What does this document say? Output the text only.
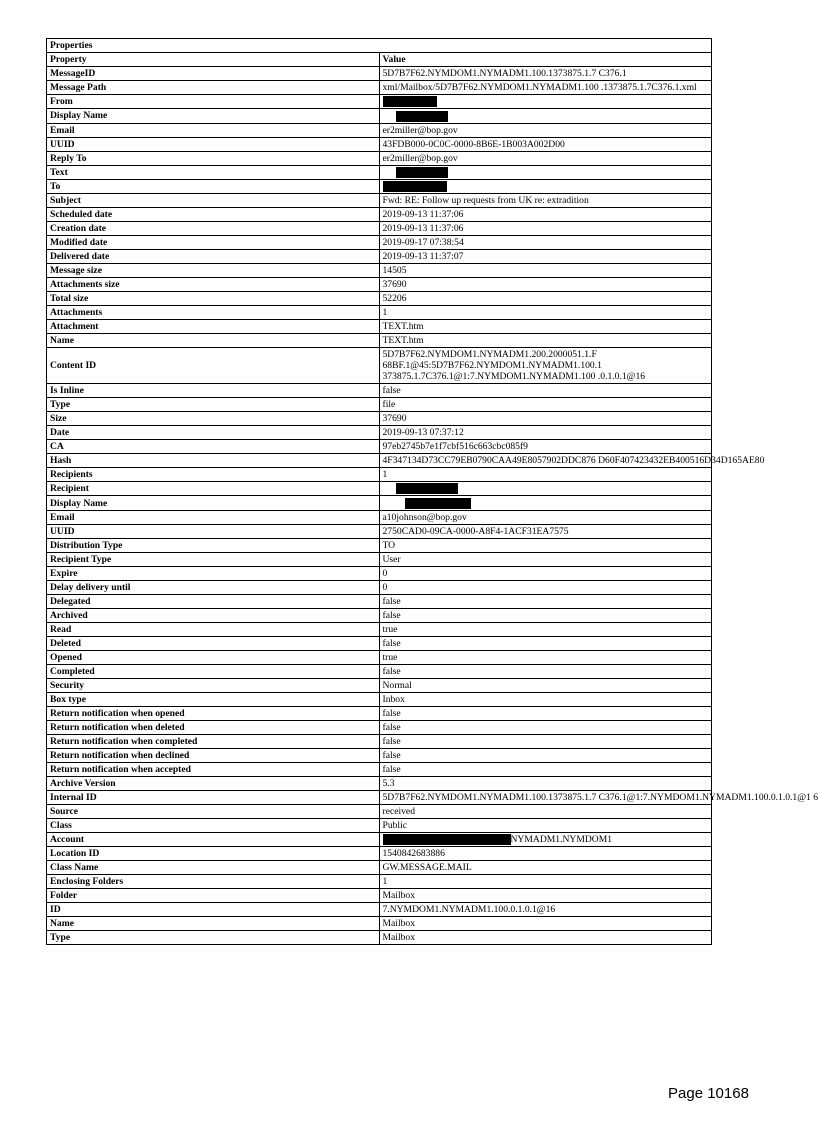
Properties	
Property	Value
MessageID	5D7B7F62.NYMDOM1.NYMADM1.100.1373875.1.7 C376.1
Message Path	xml/Mailbox/5D7B7F62.NYMDOM1.NYMADM1.100 .1373875.1.7C376.1.xml
From	
Display Name	
Email	er2miller@bop.gov
UUID	43FDB000-0C0C-0000-8B6E-1B003A002D00
Reply To	er2miller@bop.gov
Text	
To	
Subject	Fwd: RE: Follow up requests from UK re: extradition
Scheduled date	2019-09-13 11:37:06
Creation date	2019-09-13 11:37:06
Modified date	2019-09-17 07:38:54
Delivered date	2019-09-13 11:37:07
Message size	14505
Attachments size	37690
Total size	52206
Attachments	1
Attachment	TEXT.htm
Name	TEXT.htm
Content ID	5D7B7F62.NYMDOM1.NYMADM1.200.2000051.1.F 68BF.1@45:5D7B7F62.NYMDOM1.NYMADM1.100.1 373875.1.7C376.1@1:7.NYMDOM1.NYMADM1.100 .0.1.0.1@16
Is Inline	false
Type	file
Size	37690
Date	2019-09-13 07:37:12
CA	97eb2745b7e1f7cbf516c663cbc085f9
Hash	4F347134D73CC79EB0790CAA49E8057902DDC876 D60F407423432EB400516D34D165AE80
Recipients	1
Recipient	
Display Name	
Email	a10johnson@bop.gov
UUID	2750CAD0-09CA-0000-A8F4-1ACF31EA7575
Distribution Type	TO
Recipient Type	User
Expire	0
Delay delivery until	0
Delegated	false
Archived	false
Read	true
Deleted	false
Opened	true
Completed	false
Security	Normal
Box type	Inbox
Return notification when opened	false
Return notification when deleted	false
Return notification when completed	false
Return notification when declined	false
Return notification when accepted	false
Archive Version	5.3
Internal ID	5D7B7F62.NYMDOM1.NYMADM1.100.1373875.1.7 C376.1@1:7.NYMDOM1.NYMADM1.100.0.1.0.1@1 6
Source	received
Class	Public
Account	NYMADM1.NYMDOM1
Location ID	1540842683886
Class Name	GW.MESSAGE.MAIL
Enclosing Folders	1
Folder	Mailbox
ID	7.NYMDOM1.NYMADM1.100.0.1.0.1@16
Name	Mailbox
Type	Mailbox
Page 10168
